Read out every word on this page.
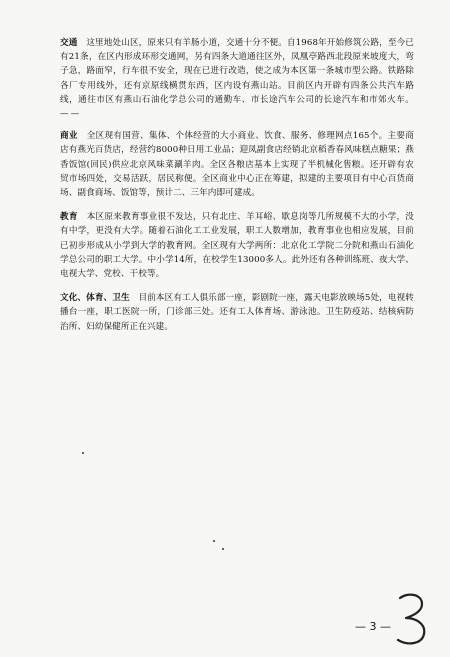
交通 这里地处山区，原来只有羊肠小道，交通十分不便。自1968年开始修筑公路，至今已有21条，在区内形成环形交通网，另有四条大道通往区外，凤凰亭路西北段原来坡度大，弯子急，路面窄，行车很不安全，现在已进行改造，使之成为本区第一条城市型公路。铁路除各厂专用线外，还有京原线横贯东西，区内设有燕山站。目前区内开辟有四条公共汽车路线，通往市区有燕山石油化学总公司的通勤车、市长途汽车公司的长途汽车和市郊火车。 ——

商业 全区现有国营、集体、个体经营的大小商业、饮食、服务、修理网点165个。主要商店有燕光百货店，经营约8000种日用工业品；迎凤副食店经销北京稻香春风味糕点糖果；燕香饭馆(回民)供应北京风味菜涮羊肉。全区各粮店基本上实现了半机械化售粮。还开辟有农贸市场四处，交易活跃，居民称便。全区商业中心正在筹建，拟建的主要项目有中心百货商场、副食商场、饭馆等，预计二、三年内即可建成。

教育 本区原来教育事业很不发达，只有北庄、羊耳峪、歇息岗等几所规模不大的小学，没有中学，更没有大学。随着石油化工工业发展，职工人数增加，教育事业也相应发展，目前已初步形成从小学到大学的教育网。全区现有大学两所：北京化工学院二分院和燕山石油化学总公司的职工大学。中小学14所，在校学生13000多人。此外还有各种训练班、夜大学、电视大学、党校、干校等。

文化、体育、卫生 目前本区有工人俱乐部一座，影剧院一座，露天电影放映场5处，电视转播台一座，职工医院一所，门诊部三处。还有工人体育场、游泳池。卫生防疫站、结核病防治所、妇幼保健所正在兴建。

— 3 —
